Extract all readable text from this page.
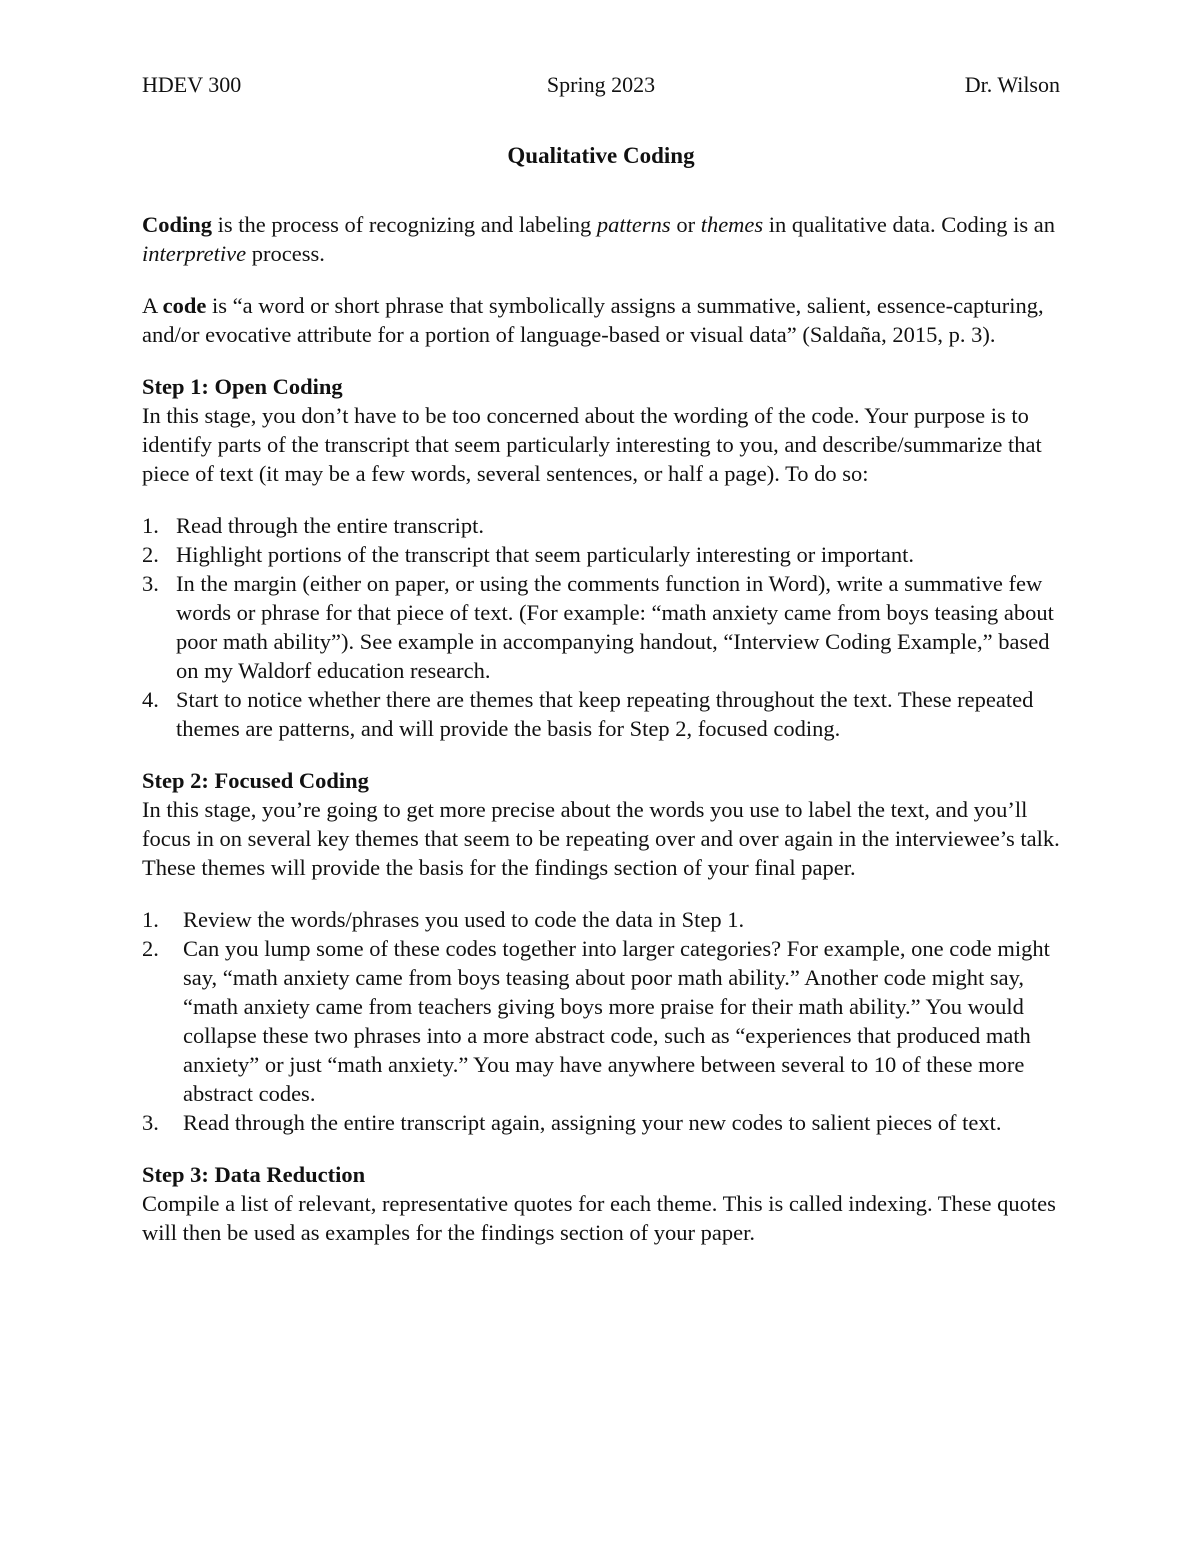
HDEV 300	Spring 2023	Dr. Wilson
Qualitative Coding

Coding is the process of recognizing and labeling patterns or themes in qualitative data. Coding is an interpretive process.

A code is “a word or short phrase that symbolically assigns a summative, salient, essence-capturing, and/or evocative attribute for a portion of language-based or visual data” (Saldaña, 2015, p. 3).

Step 1: Open Coding

In this stage, you don’t have to be too concerned about the wording of the code. Your purpose is to identify parts of the transcript that seem particularly interesting to you, and describe/summarize that piece of text (it may be a few words, several sentences, or half a page). To do so:

1. Read through the entire transcript.
2. Highlight portions of the transcript that seem particularly interesting or important.
3. In the margin (either on paper, or using the comments function in Word), write a summative few words or phrase for that piece of text. (For example: “math anxiety came from boys teasing about poor math ability”). See example in accompanying handout, “Interview Coding Example,” based on my Waldorf education research.
4. Start to notice whether there are themes that keep repeating throughout the text. These repeated themes are patterns, and will provide the basis for Step 2, focused coding.

Step 2: Focused Coding

In this stage, you’re going to get more precise about the words you use to label the text, and you’ll focus in on several key themes that seem to be repeating over and over again in the interviewee’s talk. These themes will provide the basis for the findings section of your final paper.

1. Review the words/phrases you used to code the data in Step 1.
2. Can you lump some of these codes together into larger categories? For example, one code might say, “math anxiety came from boys teasing about poor math ability.” Another code might say, “math anxiety came from teachers giving boys more praise for their math ability.” You would collapse these two phrases into a more abstract code, such as “experiences that produced math anxiety” or just “math anxiety.” You may have anywhere between several to 10 of these more abstract codes.
3. Read through the entire transcript again, assigning your new codes to salient pieces of text.

Step 3: Data Reduction

Compile a list of relevant, representative quotes for each theme. This is called indexing. These quotes will then be used as examples for the findings section of your paper.
